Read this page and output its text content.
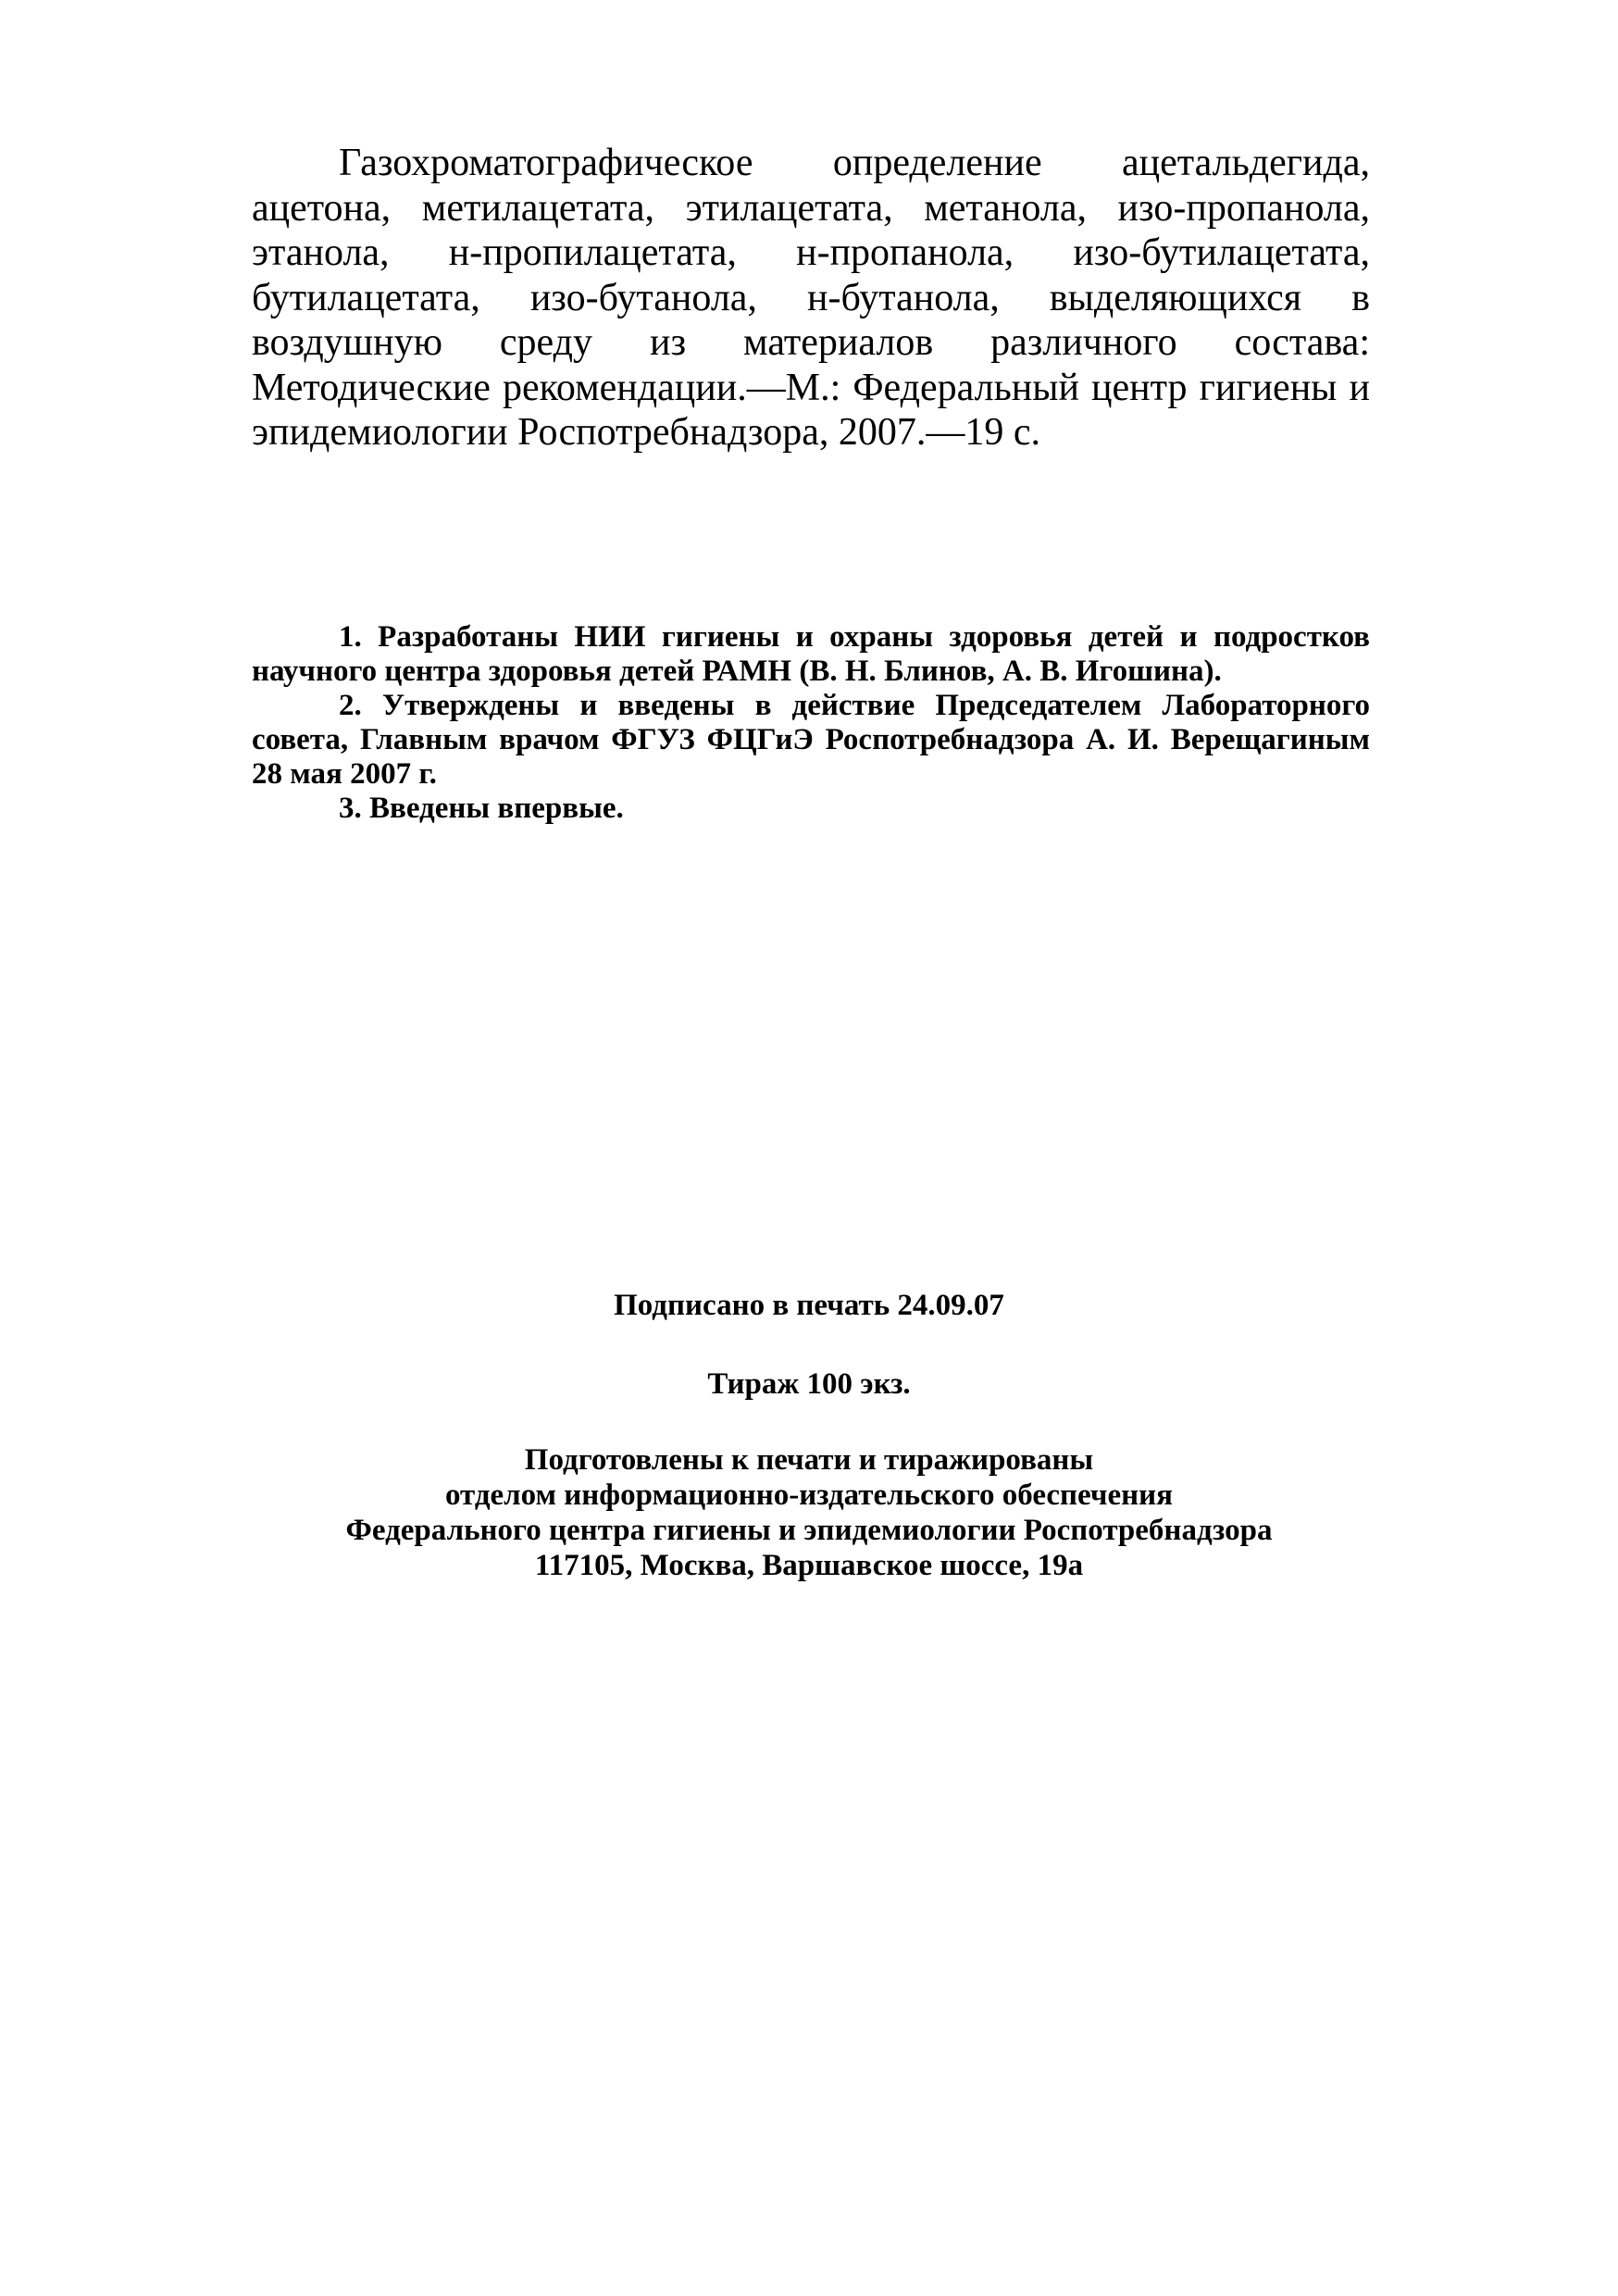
Газохроматографическое определение ацетальдегида, ацетона, метилацетата, этилацетата, метанола, изо-пропанола, этанола, н-пропилацетата, н-пропанола, изо-бутилацетата, бутилацетата, изо-бутанола, н-бутанола, выделяющихся в воздушную среду из материалов различного состава: Методические рекомендации.—М.: Федеральный центр гигиены и эпидемиологии Роспотребнадзора, 2007.—19 с.

1. Разработаны НИИ гигиены и охраны здоровья детей и подростков научного центра здоровья детей РАМН (В. Н. Блинов, А. В. Игошина).

2. Утверждены и введены в действие Председателем Лабораторного совета, Главным врачом ФГУЗ ФЦГиЭ Роспотребнадзора А. И. Верещагиным 28 мая 2007 г.

3. Введены впервые.

Подписано в печать 24.09.07

Тираж 100 экз.

Подготовлены к печати и тиражированы
отделом информационно-издательского обеспечения
Федерального центра гигиены и эпидемиологии Роспотребнадзора
117105, Москва, Варшавское шоссе, 19а
